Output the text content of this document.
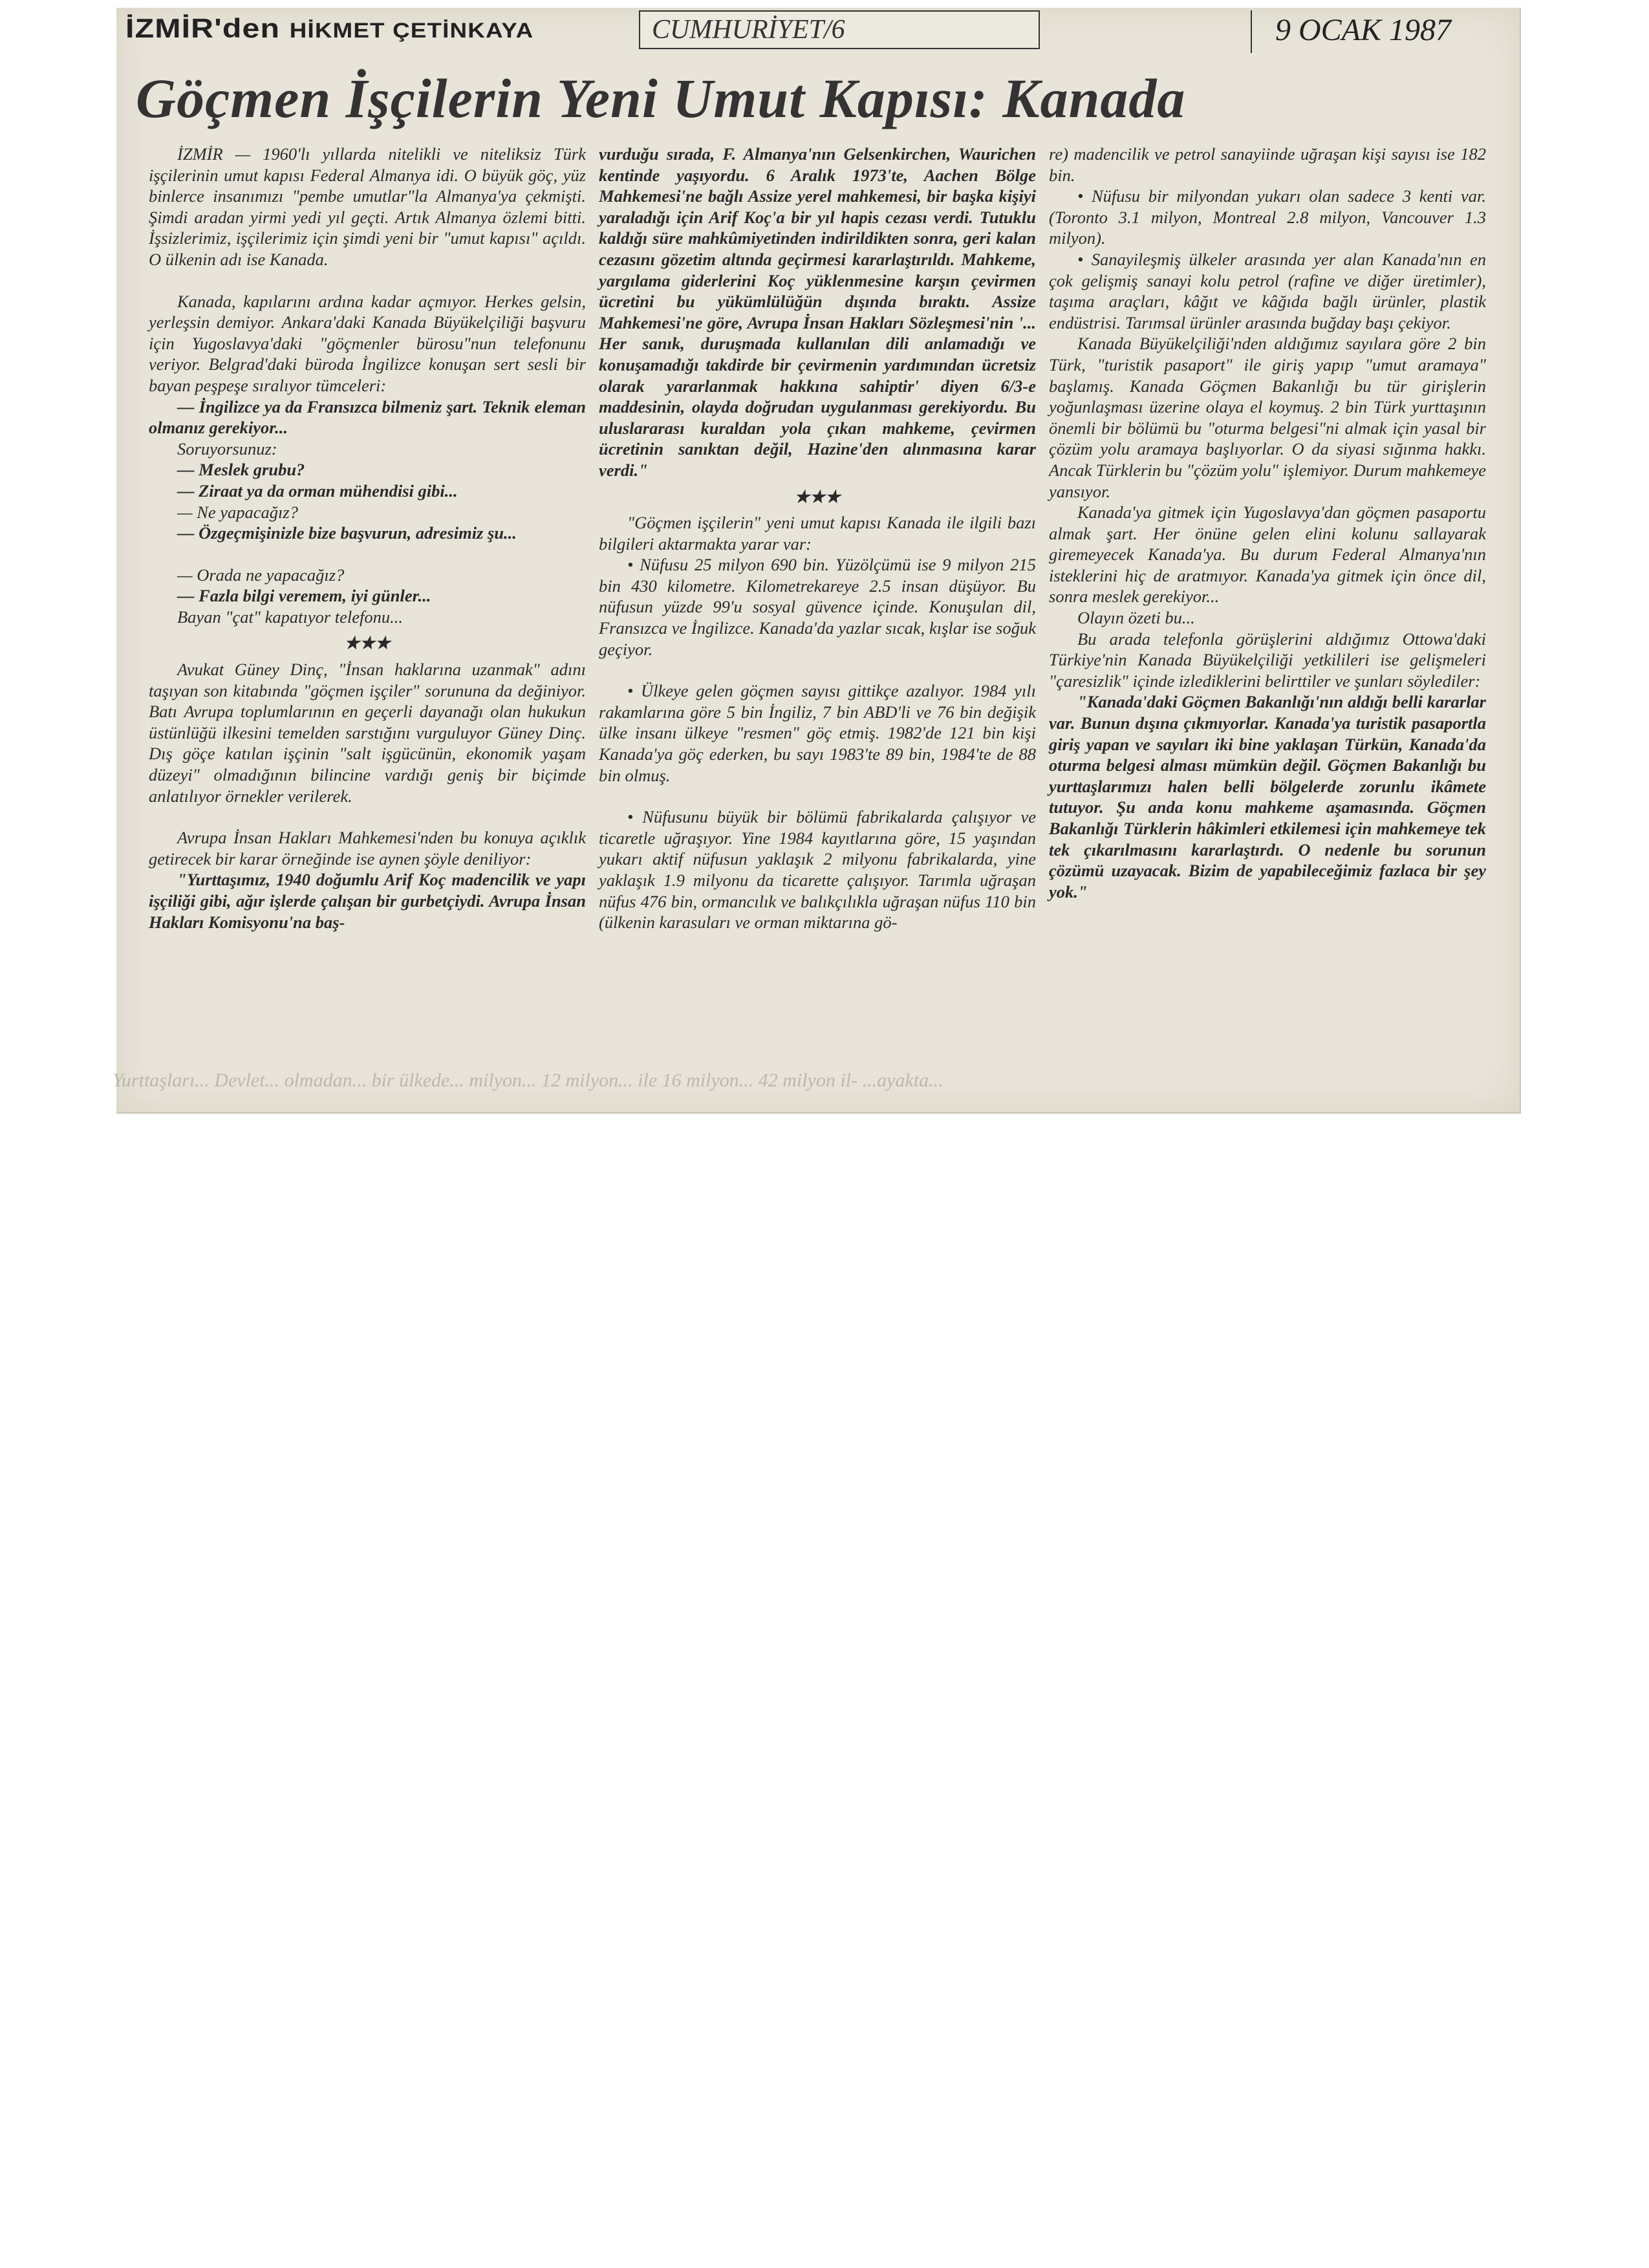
İZMİR'den HİKMET ÇETİNKAYA	CUMHURİYET/6	9 OCAK 1987
Göçmen İşçilerin Yeni Umut Kapısı: Kanada

İZMİR — 1960'lı yıllarda nitelikli ve niteliksiz Türk işçilerinin umut kapısı Federal Almanya idi. O büyük göç, yüz binlerce insanımızı "pembe umutlar"la Almanya'ya çekmişti. Şimdi aradan yirmi yedi yıl geçti. Artık Almanya özlemi bitti. İşsizlerimiz, işçilerimiz için şimdi yeni bir "umut kapısı" açıldı. O ülkenin adı ise Kanada.

Kanada, kapılarını ardına kadar açmıyor. Herkes gelsin, yerleşsin demiyor. Ankara'daki Kanada Büyükelçiliği başvuru için Yugoslavya'daki "göçmenler bürosu"nun telefonunu veriyor. Belgrad'daki büroda İngilizce konuşan sert sesli bir bayan peşpeşe sıralıyor tümceleri:

— İngilizce ya da Fransızca bilmeniz şart. Teknik eleman olmanız gerekiyor...

Soruyorsunuz:

— Meslek grubu?

— Ziraat ya da orman mühendisi gibi...

— Ne yapacağız?

— Özgeçmişinizle bize başvurun, adresimiz şu...

— Orada ne yapacağız?

— Fazla bilgi veremem, iyi günler...

Bayan "çat" kapatıyor telefonu...

★★★

Avukat Güney Dinç, "İnsan haklarına uzanmak" adını taşıyan son kitabında "göçmen işçiler" sorununa da değiniyor. Batı Avrupa toplumlarının en geçerli dayanağı olan hukukun üstünlüğü ilkesini temelden sarstığını vurguluyor Güney Dinç. Dış göçe katılan işçinin "salt işgücünün, ekonomik yaşam düzeyi" olmadığının bilincine vardığı geniş bir biçimde anlatılıyor örnekler verilerek.

Avrupa İnsan Hakları Mahkemesi'nden bu konuya açıklık getirecek bir karar örneğinde ise aynen şöyle deniliyor:

"Yurttaşımız, 1940 doğumlu Arif Koç madencilik ve yapı işçiliği gibi, ağır işlerde çalışan bir gurbetçiydi. Avrupa İnsan Hakları Komisyonu'na baş-

vurduğu sırada, F. Almanya'nın Gelsenkirchen, Waurichen kentinde yaşıyordu. 6 Aralık 1973'te, Aachen Bölge Mahkemesi'ne bağlı Assize yerel mahkemesi, bir başka kişiyi yaraladığı için Arif Koç'a bir yıl hapis cezası verdi. Tutuklu kaldığı süre mahkûmiyetinden indirildikten sonra, geri kalan cezasını gözetim altında geçirmesi kararlaştırıldı. Mahkeme, yargılama giderlerini Koç yüklenmesine karşın çevirmen ücretini bu yükümlülüğün dışında bıraktı. Assize Mahkemesi'ne göre, Avrupa İnsan Hakları Sözleşmesi'nin '... Her sanık, duruşmada kullanılan dili anlamadığı ve konuşamadığı takdirde bir çevirmenin yardımından ücretsiz olarak yararlanmak hakkına sahiptir' diyen 6/3-e maddesinin, olayda doğrudan uygulanması gerekiyordu. Bu uluslararası kuraldan yola çıkan mahkeme, çevirmen ücretinin sanıktan değil, Hazine'den alınmasına karar verdi."

★★★

"Göçmen işçilerin" yeni umut kapısı Kanada ile ilgili bazı bilgileri aktarmakta yarar var:

• Nüfusu 25 milyon 690 bin. Yüzölçümü ise 9 milyon 215 bin 430 kilometre. Kilometrekareye 2.5 insan düşüyor. Bu nüfusun yüzde 99'u sosyal güvence içinde. Konuşulan dil, Fransızca ve İngilizce. Kanada'da yazlar sıcak, kışlar ise soğuk geçiyor.

• Ülkeye gelen göçmen sayısı gittikçe azalıyor. 1984 yılı rakamlarına göre 5 bin İngiliz, 7 bin ABD'li ve 76 bin değişik ülke insanı ülkeye "resmen" göç etmiş. 1982'de 121 bin kişi Kanada'ya göç ederken, bu sayı 1983'te 89 bin, 1984'te de 88 bin olmuş.

• Nüfusunu büyük bir bölümü fabrikalarda çalışıyor ve ticaretle uğraşıyor. Yine 1984 kayıtlarına göre, 15 yaşından yukarı aktif nüfusun yaklaşık 2 milyonu fabrikalarda, yine yaklaşık 1.9 milyonu da ticarette çalışıyor. Tarımla uğraşan nüfus 476 bin, ormancılık ve balıkçılıkla uğraşan nüfus 110 bin (ülkenin karasuları ve orman miktarına gö-

re) madencilik ve petrol sanayiinde uğraşan kişi sayısı ise 182 bin.

• Nüfusu bir milyondan yukarı olan sadece 3 kenti var. (Toronto 3.1 milyon, Montreal 2.8 milyon, Vancouver 1.3 milyon).

• Sanayileşmiş ülkeler arasında yer alan Kanada'nın en çok gelişmiş sanayi kolu petrol (rafine ve diğer üretimler), taşıma araçları, kâğıt ve kâğıda bağlı ürünler, plastik endüstrisi. Tarımsal ürünler arasında buğday başı çekiyor.

Kanada Büyükelçiliği'nden aldığımız sayılara göre 2 bin Türk, "turistik pasaport" ile giriş yapıp "umut aramaya" başlamış. Kanada Göçmen Bakanlığı bu tür girişlerin yoğunlaşması üzerine olaya el koymuş. 2 bin Türk yurttaşının önemli bir bölümü bu "oturma belgesi"ni almak için yasal bir çözüm yolu aramaya başlıyorlar. O da siyasi sığınma hakkı. Ancak Türklerin bu "çözüm yolu" işlemiyor. Durum mahkemeye yansıyor.

Kanada'ya gitmek için Yugoslavya'dan göçmen pasaportu almak şart. Her önüne gelen elini kolunu sallayarak giremeyecek Kanada'ya. Bu durum Federal Almanya'nın isteklerini hiç de aratmıyor. Kanada'ya gitmek için önce dil, sonra meslek gerekiyor...

Olayın özeti bu...

Bu arada telefonla görüşlerini aldığımız Ottowa'daki Türkiye'nin Kanada Büyükelçiliği yetkilileri ise gelişmeleri "çaresizlik" içinde izlediklerini belirttiler ve şunları söylediler:

"Kanada'daki Göçmen Bakanlığı'nın aldığı belli kararlar var. Bunun dışına çıkmıyorlar. Kanada'ya turistik pasaportla giriş yapan ve sayıları iki bine yaklaşan Türkün, Kanada'da oturma belgesi alması mümkün değil. Göçmen Bakanlığı bu yurttaşlarımızı halen belli bölgelerde zorunlu ikâmete tutuyor. Şu anda konu mahkeme aşamasında. Göçmen Bakanlığı Türklerin hâkimleri etkilemesi için mahkemeye tek tek çıkarılmasını kararlaştırdı. O nedenle bu sorunun çözümü uzayacak. Bizim de yapabileceğimiz fazlaca bir şey yok."

Yurttaşları... Devlet... olmadan... bir ülkede... milyon... 12 milyon... ile 16 milyon... 42 milyon il- ...ayakta...
